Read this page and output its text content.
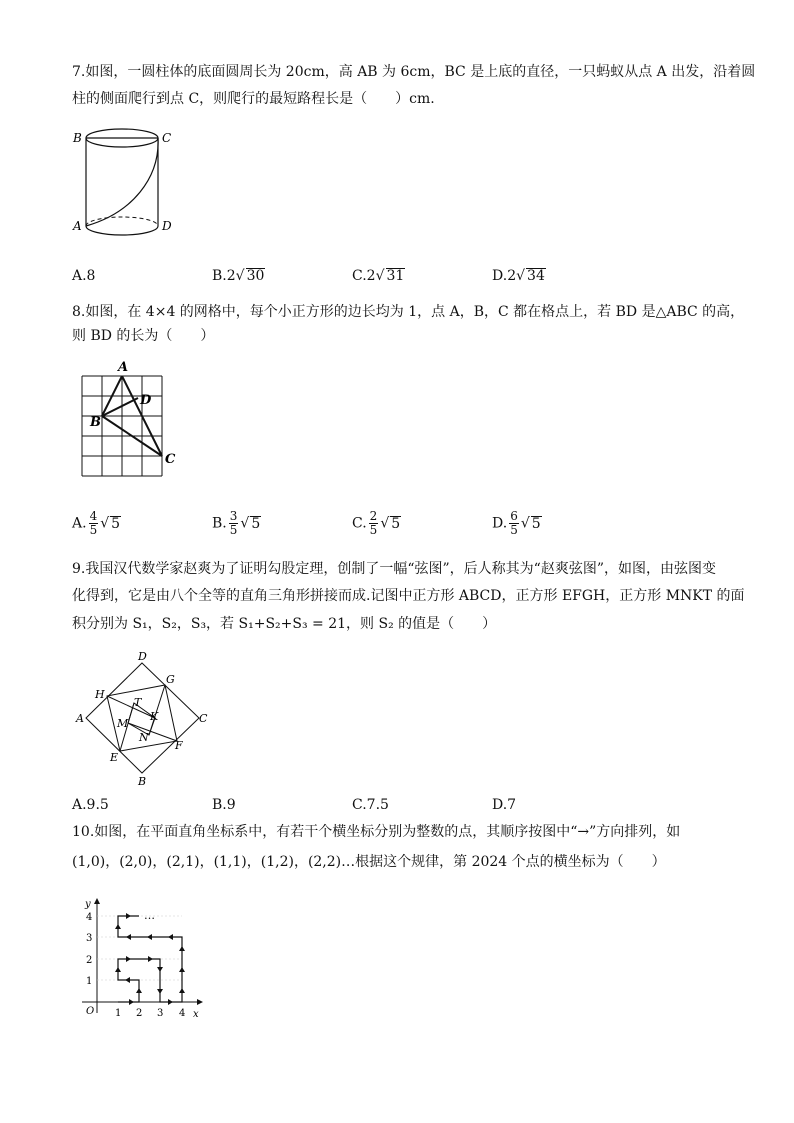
7.如图，一圆柱体的底面圆周长为 20cm，高 AB 为 6cm，BC 是上底的直径，一只蚂蚁从点 A 出发，沿着圆
柱的侧面爬行到点 C，则爬行的最短路程长是（　　）cm.
B	C
A	D
A.8	B.2√ 30	C.2√ 31	D.2√ 34
8.如图，在 4×4 的网格中，每个小正方形的边长均为 1，点 A，B，C 都在格点上，若 BD 是△ABC 的高，
则 BD 的长为（　　）
A
B
C
D
A. $\frac{4}{5}$ √ 5	B. $\frac{3}{5}$ √ 5	C. $\frac{2}{5}$ √ 5	D. $\frac{6}{5}$ √ 5
9.我国汉代数学家赵爽为了证明勾股定理，创制了一幅“弦图”，后人称其为“赵爽弦图”，如图，由弦图变
化得到，它是由八个全等的直角三角形拼接而成.记图中正方形 ABCD，正方形 EFGH，正方形 MNKT 的面
积分别为 S₁，S₂，S₃，若 S₁+S₂+S₃ = 21，则 S₂ 的值是（　　）
D
G
H
A	C
T
K
M
N
F
E
B
A.9.5	B.9	C.7.5	D.7
10.如图，在平面直角坐标系中，有若干个横坐标分别为整数的点，其顺序按图中“→”方向排列，如
(1,0)，(2,0)，(2,1)，(1,1)，(1,2)，(2,2)…根据这个规律，第 2024 个点的横坐标为（　　）
…
y
x
O 1 2 3 4
1
2
3
4
